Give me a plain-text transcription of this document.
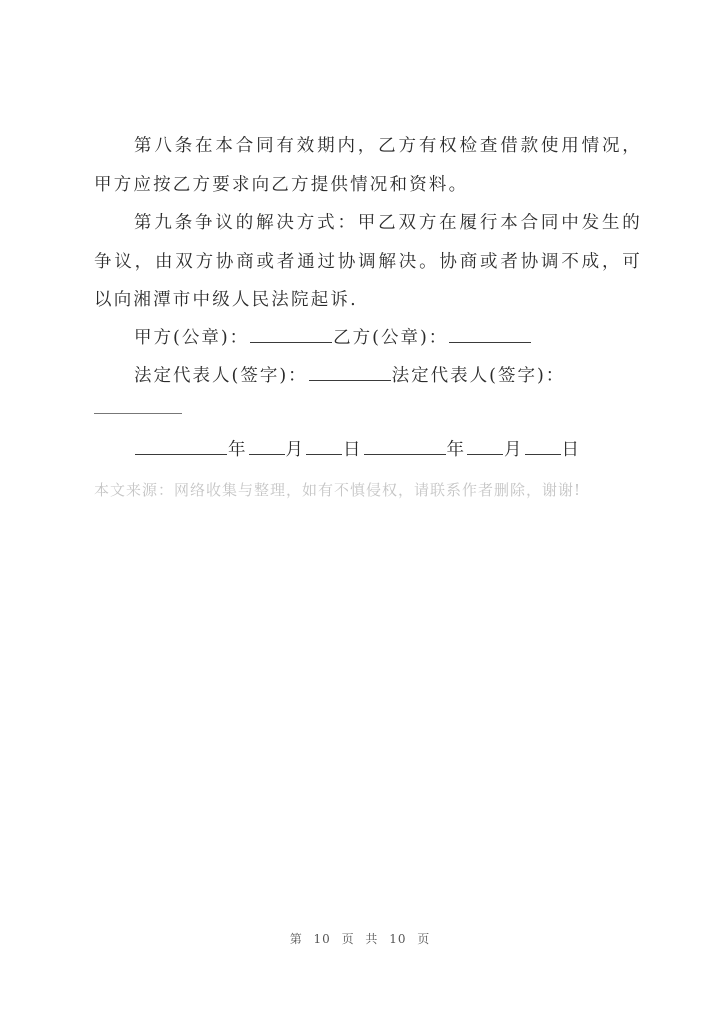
第八条在本合同有效期内，乙方有权检查借款使用情况，甲方应按乙方要求向乙方提供情况和资料。

第九条争议的解决方式：甲乙双方在履行本合同中发生的争议，由双方协商或者通过协调解决。协商或者协调不成，可以向湘潭市中级人民法院起诉.

甲方(公章)：	乙方(公章)：
法定代表人(签字)：	法定代表人(签字)：
年 月 日	年 月 日

本文来源：网络收集与整理，如有不慎侵权，请联系作者删除，谢谢!

第 10 页 共 10 页
